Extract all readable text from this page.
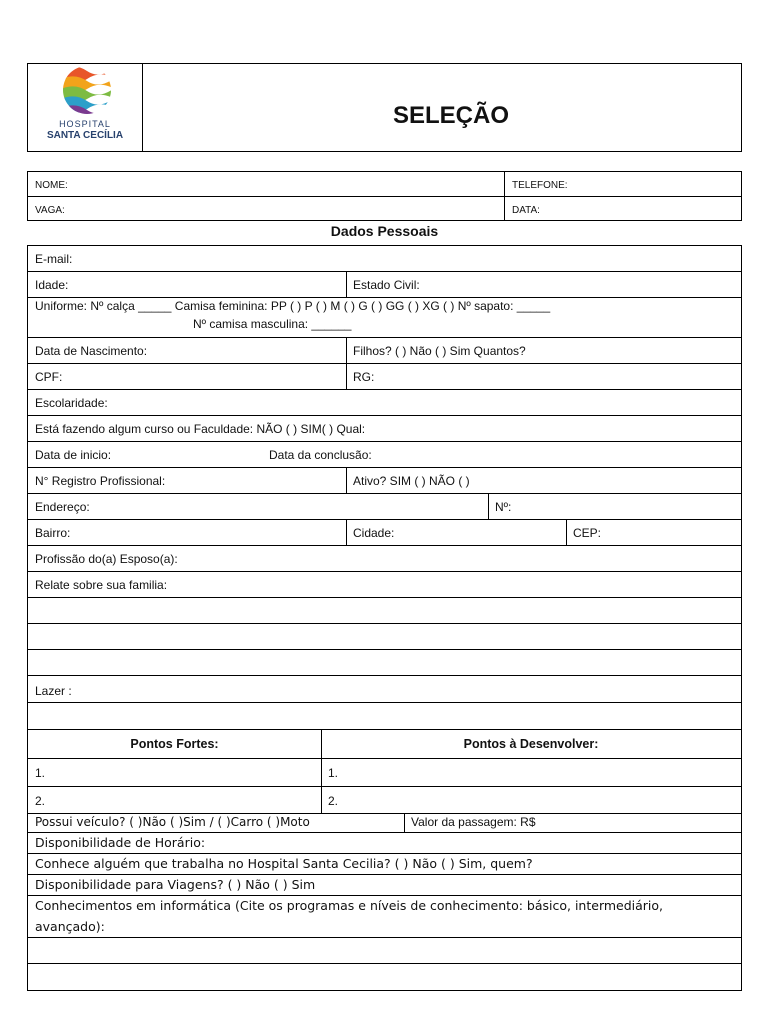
HOSPITAL
SANTA CECÍLIA
SELEÇÃO
NOME:	TELEFONE:
VAGA:	DATA:
Dados Pessoais
E-mail:
Idade:	Estado Civil:
Uniforme: Nº calça _____ Camisa feminina: PP ( ) P ( ) M ( ) G ( ) GG ( ) XG ( ) Nº sapato: _____
Nº camisa masculina: ______
Data de Nascimento:	Filhos? ( ) Não ( ) Sim Quantos?
CPF:	RG:
Escolaridade:
Está fazendo algum curso ou Faculdade: NÃO ( ) SIM( ) Qual:
Data de inicio:	Data da conclusão:
N° Registro Profissional:	Ativo? SIM ( ) NÃO ( )
Endereço:	Nº:
Bairro:	Cidade:	CEP:
Profissão do(a) Esposo(a):
Relate sobre sua familia:
Lazer :
Pontos Fortes:	Pontos à Desenvolver:
1.	1.
2.	2.
Possui veículo? ( )Não ( )Sim / ( )Carro ( )Moto	Valor da passagem: R$
Disponibilidade de Horário:
Conhece alguém que trabalha no Hospital Santa Cecilia? ( ) Não ( ) Sim, quem?
Disponibilidade para Viagens? ( ) Não ( ) Sim
Conhecimentos em informática (Cite os programas e níveis de conhecimento: básico, intermediário,
avançado):
